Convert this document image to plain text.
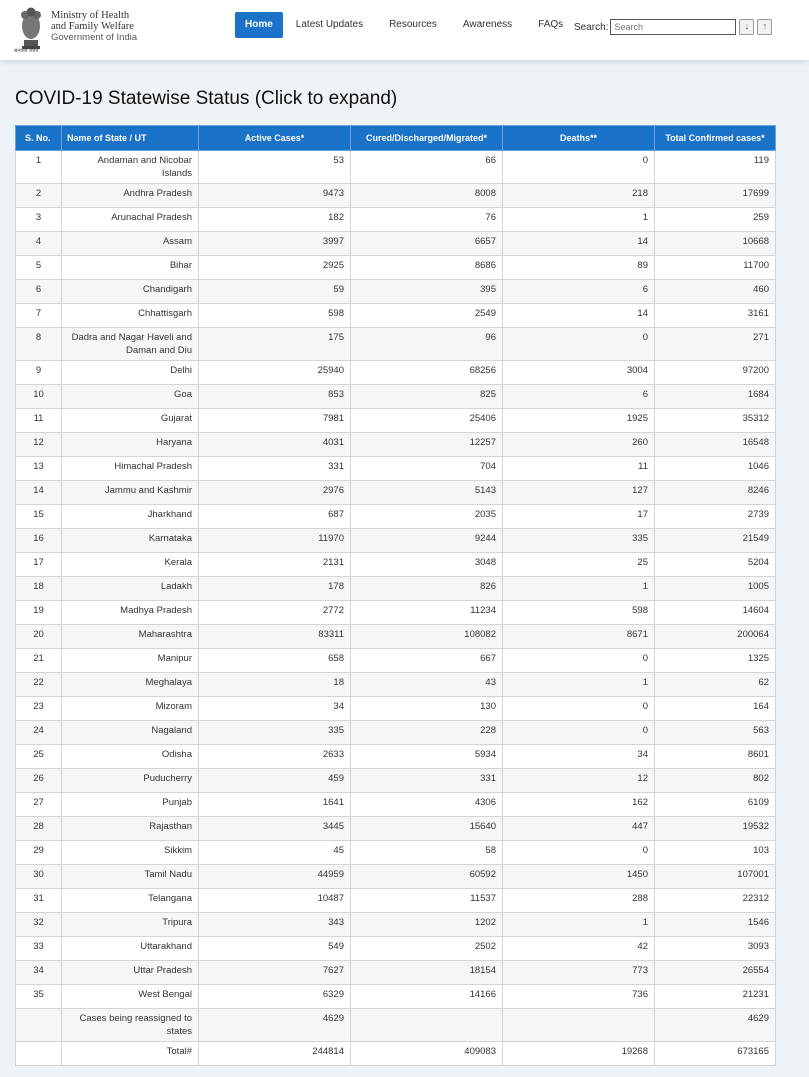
सत्यमेव जयते
Ministry of Health
and Family Welfare
Government of India
Home	Latest Updates	Resources	Awareness	FAQs	Search:
Search	↓	↑
COVID-19 Statewise Status (Click to expand)
S. No.	Name of State / UT	Active Cases*	Cured/Discharged/Migrated*	Deaths**	Total Confirmed cases*
1	Andaman and Nicobar Islands	53	66	0	119
2	Andhra Pradesh	9473	8008	218	17699
3	Arunachal Pradesh	182	76	1	259
4	Assam	3997	6657	14	10668
5	Bihar	2925	8686	89	11700
6	Chandigarh	59	395	6	460
7	Chhattisgarh	598	2549	14	3161
8	Dadra and Nagar Haveli and Daman and Diu	175	96	0	271
9	Delhi	25940	68256	3004	97200
10	Goa	853	825	6	1684
11	Gujarat	7981	25406	1925	35312
12	Haryana	4031	12257	260	16548
13	Himachal Pradesh	331	704	11	1046
14	Jammu and Kashmir	2976	5143	127	8246
15	Jharkhand	687	2035	17	2739
16	Karnataka	11970	9244	335	21549
17	Kerala	2131	3048	25	5204
18	Ladakh	178	826	1	1005
19	Madhya Pradesh	2772	11234	598	14604
20	Maharashtra	83311	108082	8671	200064
21	Manipur	658	667	0	1325
22	Meghalaya	18	43	1	62
23	Mizoram	34	130	0	164
24	Nagaland	335	228	0	563
25	Odisha	2633	5934	34	8601
26	Puducherry	459	331	12	802
27	Punjab	1641	4306	162	6109
28	Rajasthan	3445	15640	447	19532
29	Sikkim	45	58	0	103
30	Tamil Nadu	44959	60592	1450	107001
31	Telangana	10487	11537	288	22312
32	Tripura	343	1202	1	1546
33	Uttarakhand	549	2502	42	3093
34	Uttar Pradesh	7627	18154	773	26554
35	West Bengal	6329	14166	736	21231
	Cases being reassigned to states	4629			4629
	Total#	244814	409083	19268	673165
